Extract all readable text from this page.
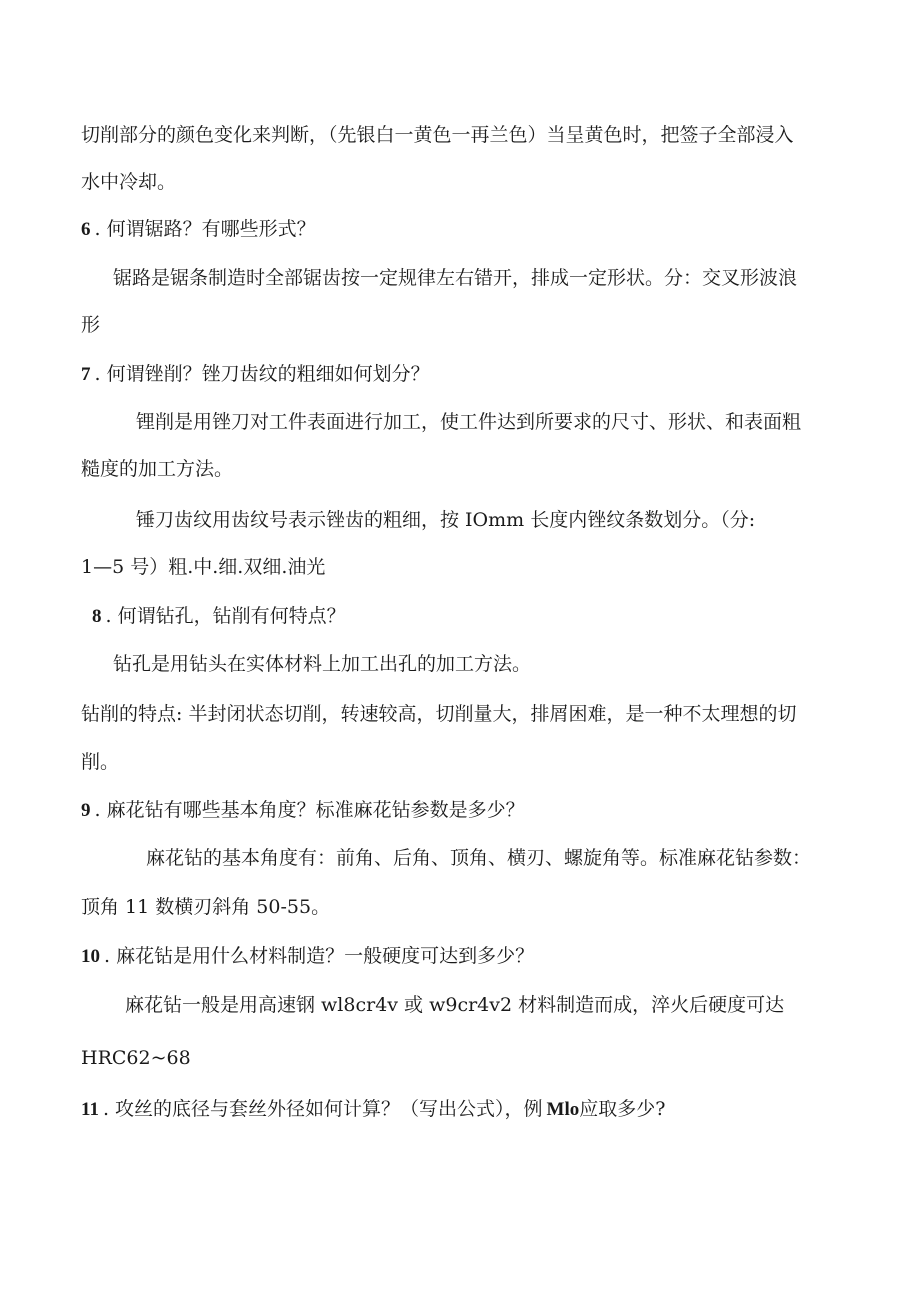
切削部分的颜色变化来判断，（先银白一黄色一再兰色）当呈黄色时，把签子全部浸入
水中冷却。
6 . 何谓锯路？有哪些形式？
锯路是锯条制造时全部锯齿按一定规律左右错开，排成一定形状。分：交叉形波浪
形
7 . 何谓锉削？锉刀齿纹的粗细如何划分？
锂削是用锉刀对工件表面进行加工，使工件达到所要求的尺寸、形状、和表面粗
糙度的加工方法。
锤刀齿纹用齿纹号表示锉齿的粗细，按 IOmm 长度内锉纹条数划分。（分:
1—5 号）粗.中.细.双细.油光
8 . 何谓钻孔，钻削有何特点？
钻孔是用钻头在实体材料上加工出孔的加工方法。
钻削的特点: 半封闭状态切削，转速较高，切削量大，排屑困难，是一种不太理想的切
削。
9 . 麻花钻有哪些基本角度？标准麻花钻参数是多少？
麻花钻的基本角度有：前角、后角、顶角、横刃、螺旋角等。标准麻花钻参数：
顶角 11 数横刃斜角 50-55。
10 . 麻花钻是用什么材料制造？一般硬度可达到多少？
麻花钻一般是用高速钢 wl8cr4v 或 w9cr4v2 材料制造而成，淬火后硬度可达
HRC62~68
11 . 攻丝的底径与套丝外径如何计算？（写出公式），例 Mlo应取多少?
